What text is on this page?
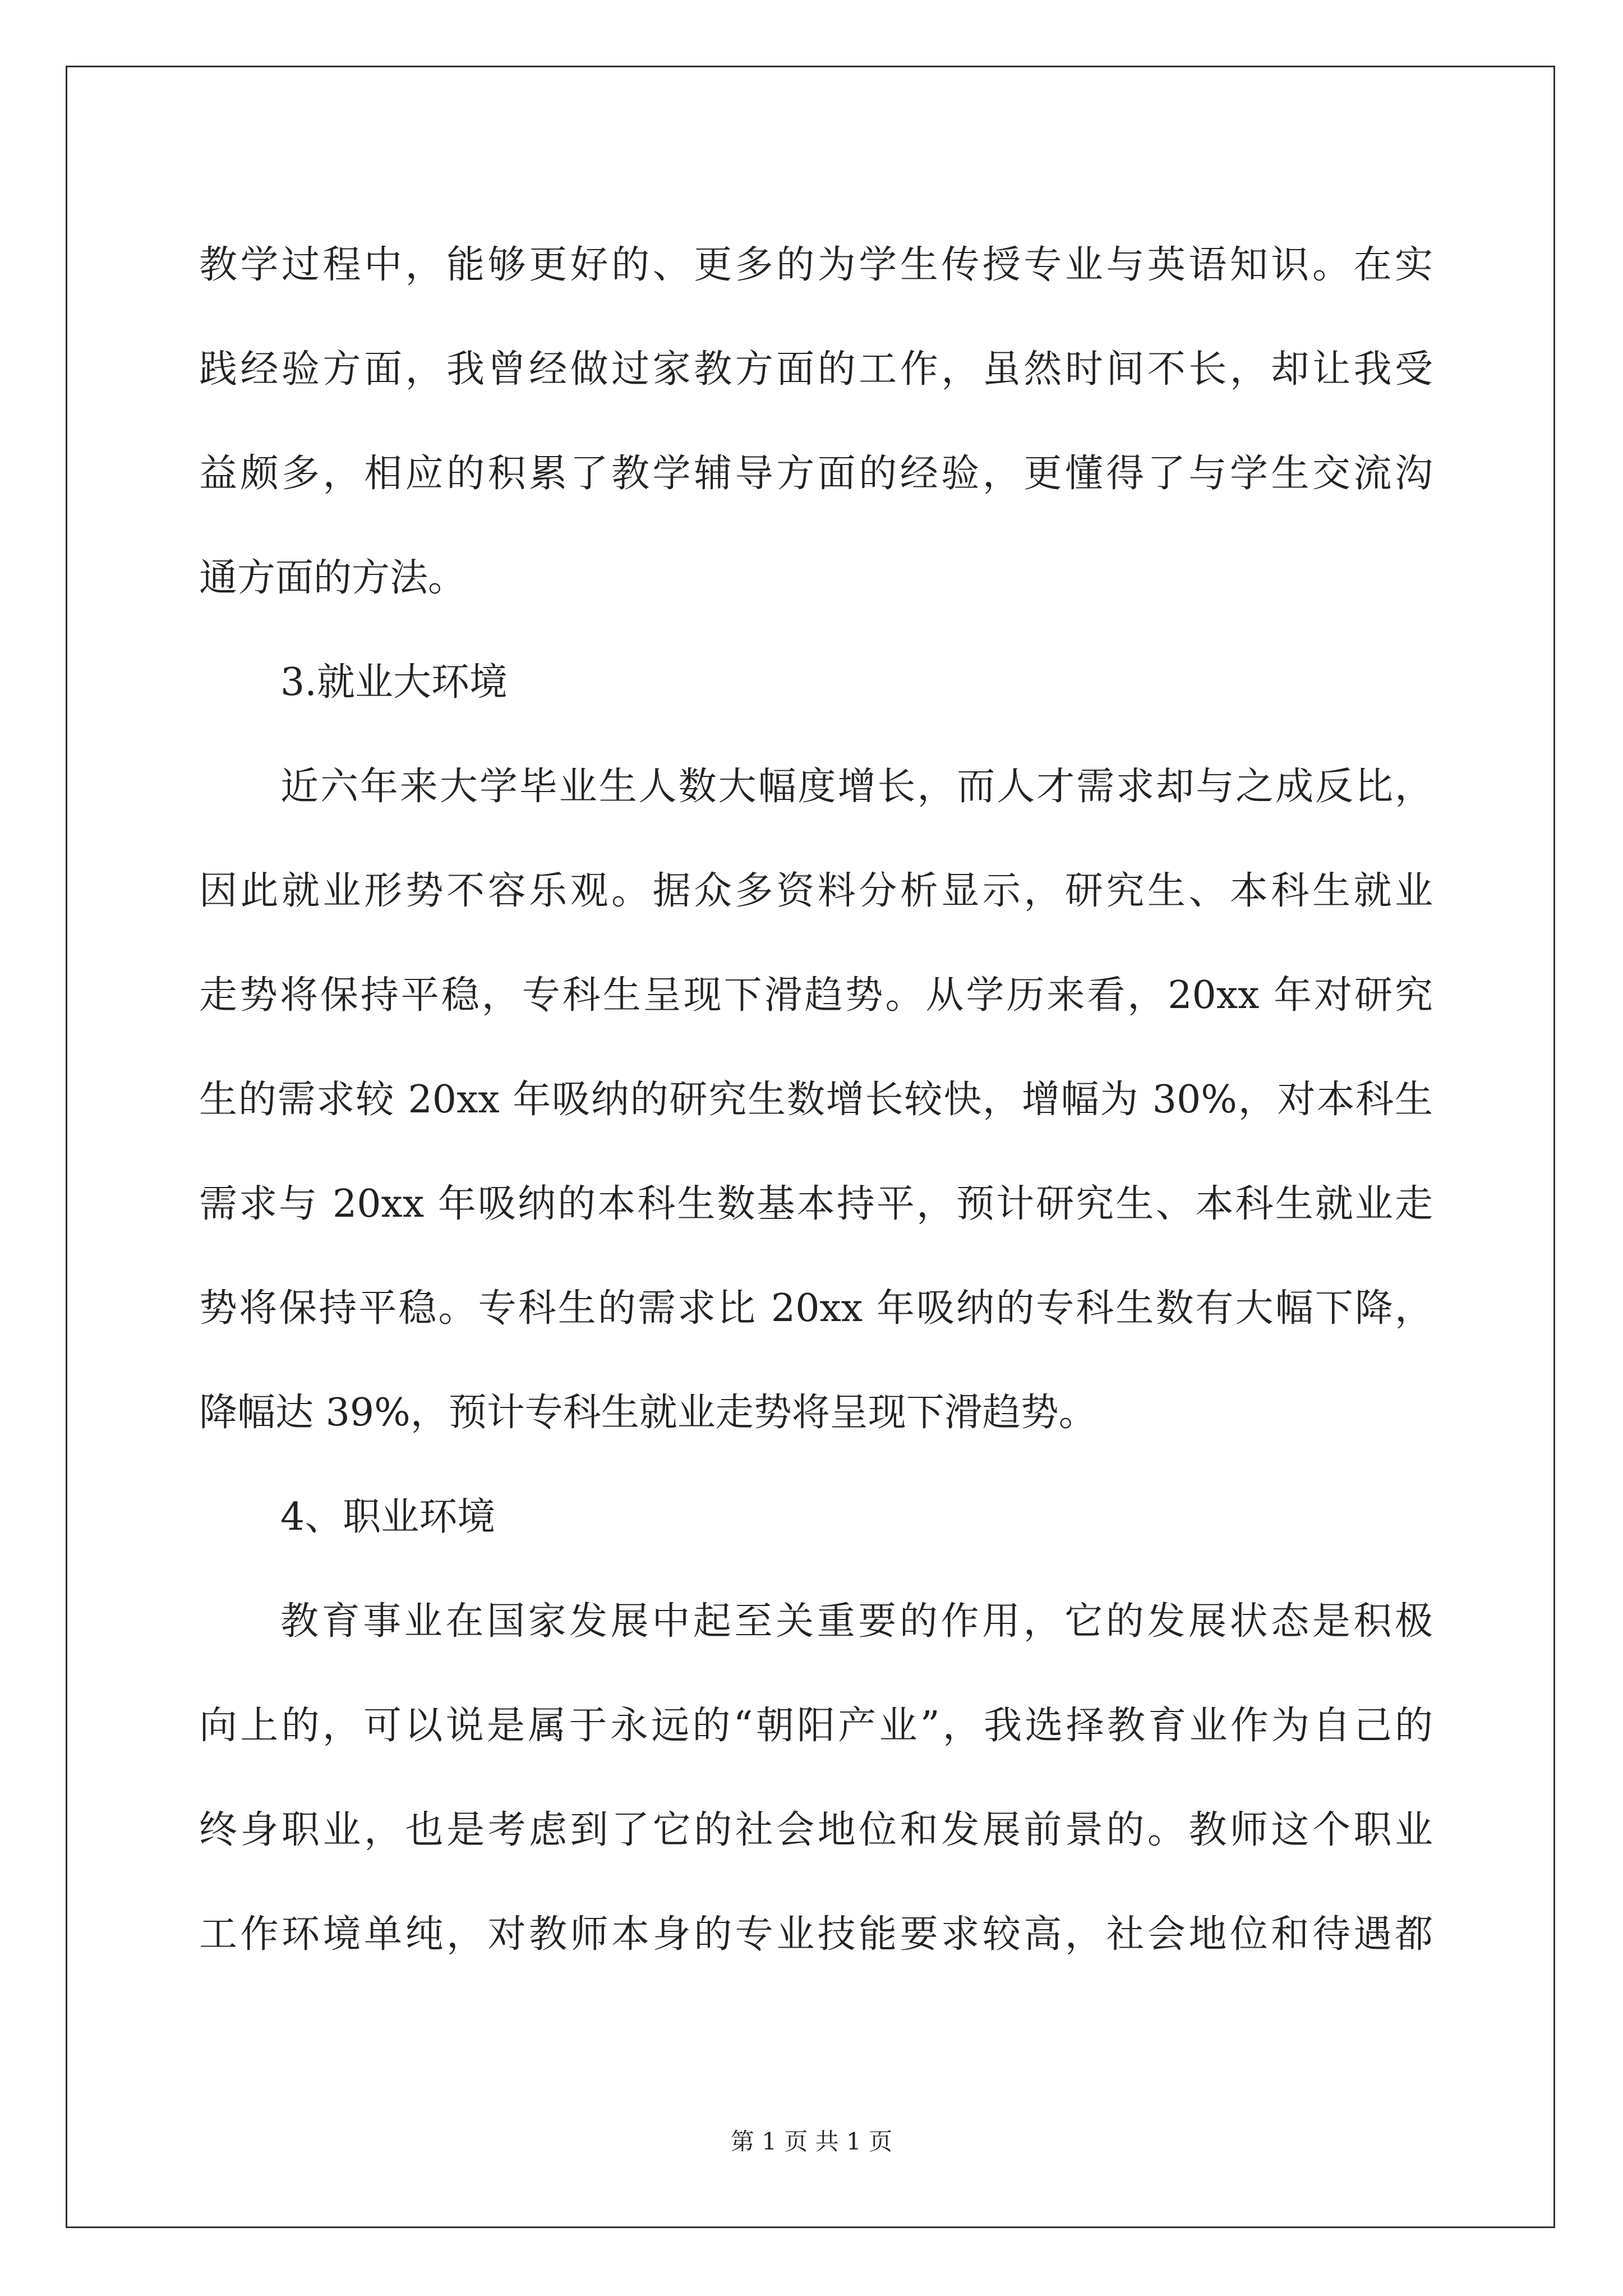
教学过程中，能够更好的、更多的为学生传授专业与英语知识。在实
践经验方面，我曾经做过家教方面的工作，虽然时间不长，却让我受
益颇多，相应的积累了教学辅导方面的经验，更懂得了与学生交流沟
通方面的方法。
3.就业大环境
近六年来大学毕业生人数大幅度增长，而人才需求却与之成反比，
因此就业形势不容乐观。据众多资料分析显示，研究生、本科生就业
走势将保持平稳，专科生呈现下滑趋势。从学历来看，20xx 年对研究
生的需求较 20xx 年吸纳的研究生数增长较快，增幅为 30%，对本科生
需求与 20xx 年吸纳的本科生数基本持平，预计研究生、本科生就业走
势将保持平稳。专科生的需求比 20xx 年吸纳的专科生数有大幅下降，
降幅达 39%，预计专科生就业走势将呈现下滑趋势。
4、职业环境
教育事业在国家发展中起至关重要的作用，它的发展状态是积极
向上的，可以说是属于永远的“朝阳产业”，我选择教育业作为自己的
终身职业，也是考虑到了它的社会地位和发展前景的。教师这个职业
工作环境单纯，对教师本身的专业技能要求较高，社会地位和待遇都
第 1 页 共 1 页
